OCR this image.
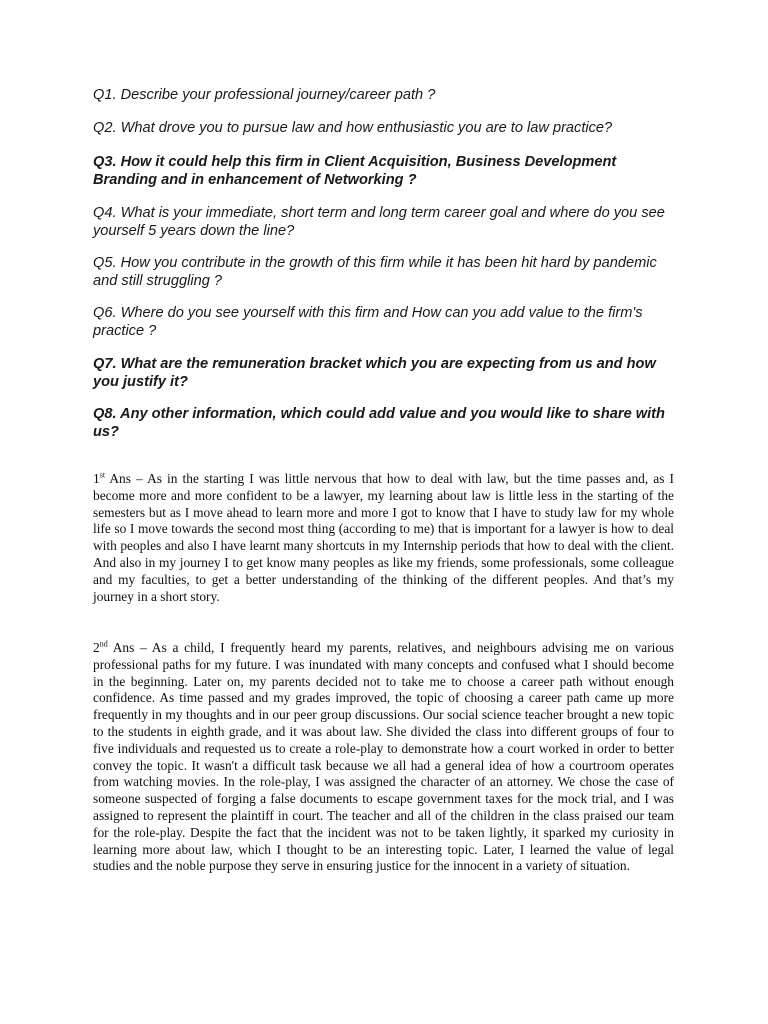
Q1. Describe your professional journey/career path ?

Q2. What drove you to pursue law and how enthusiastic you are to law practice?

Q3. How it could help this firm in Client Acquisition, Business Development Branding and in enhancement of Networking ?

Q4. What is your immediate, short term and long term career goal and where do you see yourself 5 years down the line?

Q5. How you contribute in the growth of this firm while it has been hit hard by pandemic and still struggling ?

Q6. Where do you see yourself with this firm and How can you add value to the firm's practice ?

Q7. What are the remuneration bracket which you are expecting from us and how you justify it?

Q8. Any other information, which could add value and you would like to share with us?

1st Ans – As in the starting I was little nervous that how to deal with law, but the time passes and, as I become more and more confident to be a lawyer, my learning about law is little less in the starting of the semesters but as I move ahead to learn more and more I got to know that I have to study law for my whole life so I move towards the second most thing (according to me) that is important for a lawyer is how to deal with peoples and also I have learnt many shortcuts in my Internship periods that how to deal with the client. And also in my journey I to get know many peoples as like my friends, some professionals, some colleague and my faculties, to get a better understanding of the thinking of the different peoples. And that’s my journey in a short story.

2nd Ans – As a child, I frequently heard my parents, relatives, and neighbours advising me on various professional paths for my future. I was inundated with many concepts and confused what I should become in the beginning. Later on, my parents decided not to take me to choose a career path without enough confidence. As time passed and my grades improved, the topic of choosing a career path came up more frequently in my thoughts and in our peer group discussions. Our social science teacher brought a new topic to the students in eighth grade, and it was about law. She divided the class into different groups of four to five individuals and requested us to create a role-play to demonstrate how a court worked in order to better convey the topic. It wasn't a difficult task because we all had a general idea of how a courtroom operates from watching movies. In the role-play, I was assigned the character of an attorney. We chose the case of someone suspected of forging a false documents to escape government taxes for the mock trial, and I was assigned to represent the plaintiff in court. The teacher and all of the children in the class praised our team for the role-play. Despite the fact that the incident was not to be taken lightly, it sparked my curiosity in learning more about law, which I thought to be an interesting topic. Later, I learned the value of legal studies and the noble purpose they serve in ensuring justice for the innocent in a variety of situation.
